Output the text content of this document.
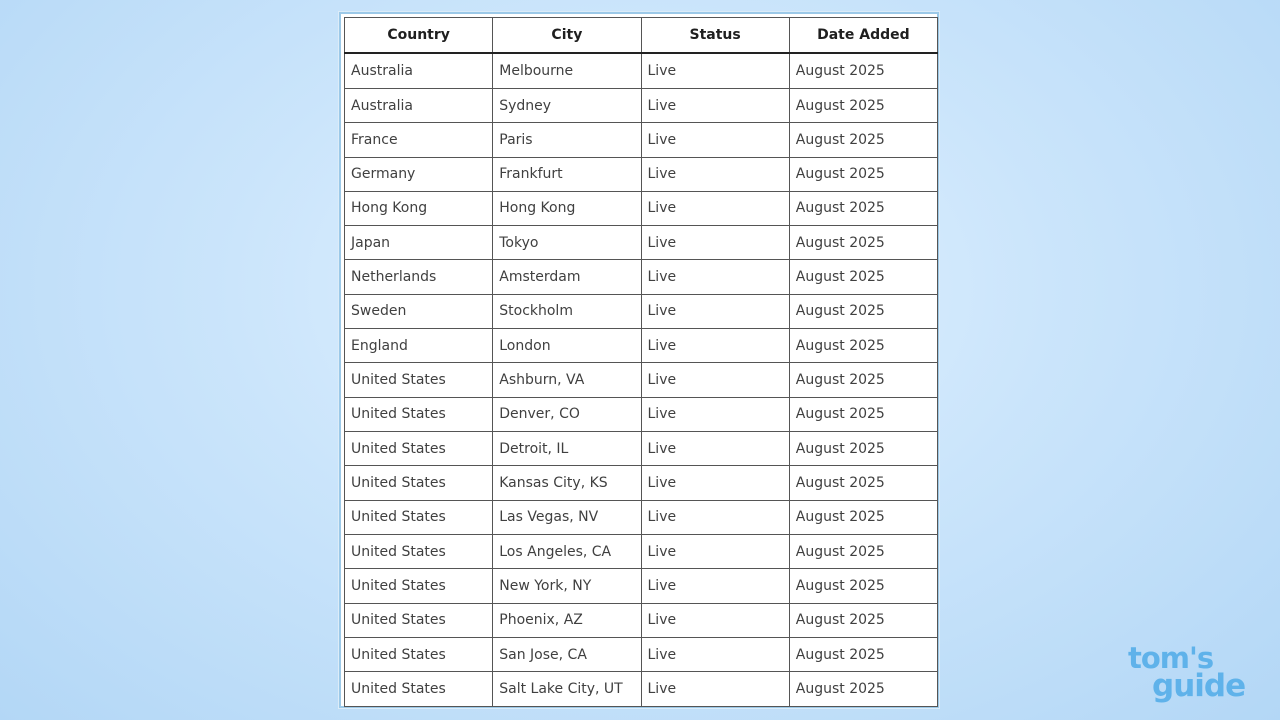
Country	City	Status	Date Added
Australia	Melbourne	Live	August 2025
Australia	Sydney	Live	August 2025
France	Paris	Live	August 2025
Germany	Frankfurt	Live	August 2025
Hong Kong	Hong Kong	Live	August 2025
Japan	Tokyo	Live	August 2025
Netherlands	Amsterdam	Live	August 2025
Sweden	Stockholm	Live	August 2025
England	London	Live	August 2025
United States	Ashburn, VA	Live	August 2025
United States	Denver, CO	Live	August 2025
United States	Detroit, IL	Live	August 2025
United States	Kansas City, KS	Live	August 2025
United States	Las Vegas, NV	Live	August 2025
United States	Los Angeles, CA	Live	August 2025
United States	New York, NY	Live	August 2025
United States	Phoenix, AZ	Live	August 2025
United States	San Jose, CA	Live	August 2025
United States	Salt Lake City, UT	Live	August 2025
tom's
guide
